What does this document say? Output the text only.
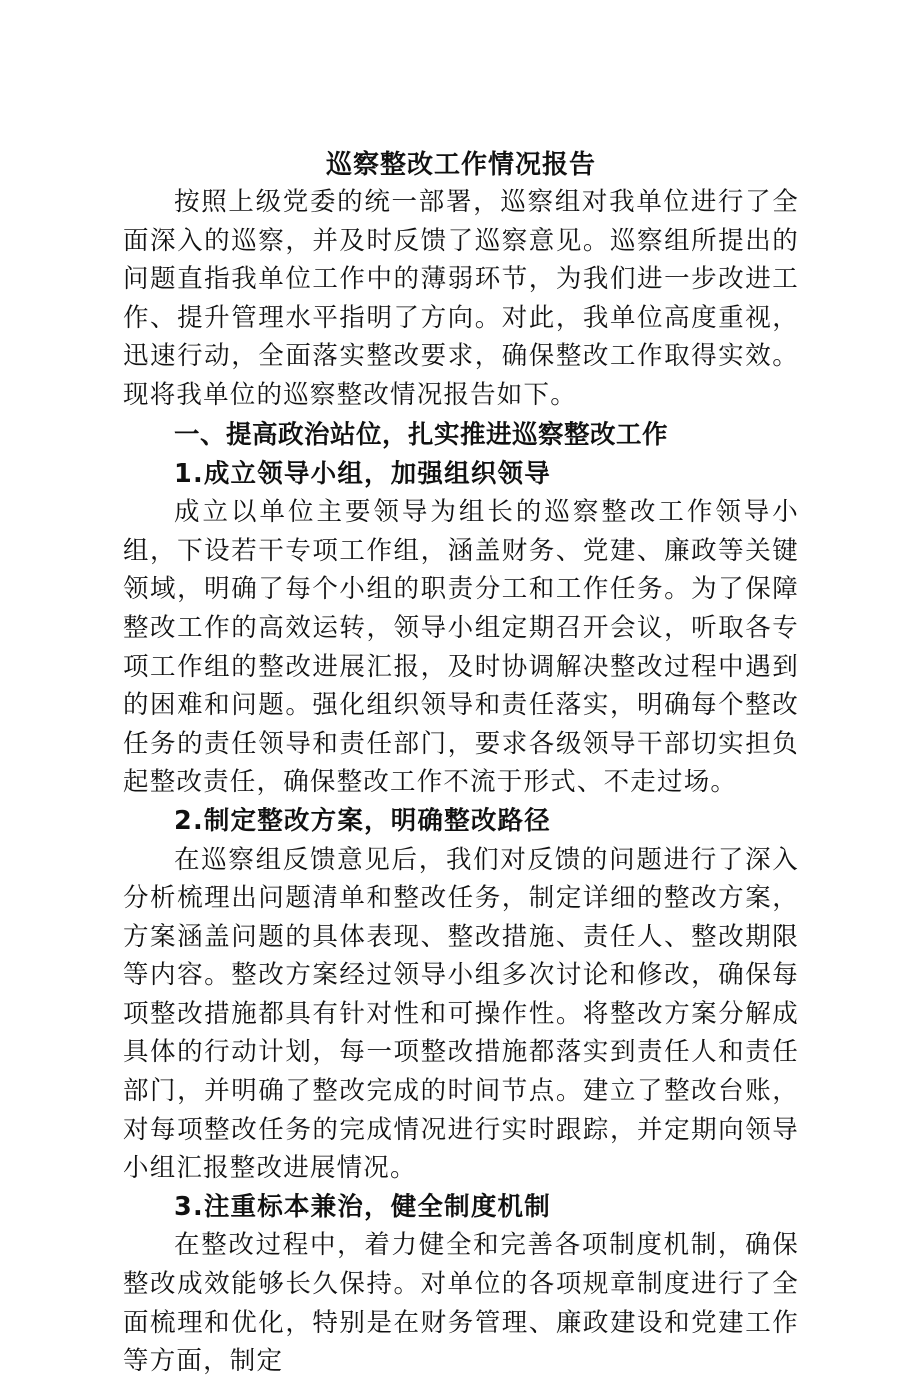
巡察整改工作情况报告

按照上级党委的统一部署，巡察组对我单位进行了全面深入的巡察，并及时反馈了巡察意见。巡察组所提出的问题直指我单位工作中的薄弱环节，为我们进一步改进工作、提升管理水平指明了方向。对此，我单位高度重视，迅速行动，全面落实整改要求，确保整改工作取得实效。现将我单位的巡察整改情况报告如下。

一、提高政治站位，扎实推进巡察整改工作
1.成立领导小组，加强组织领导

成立以单位主要领导为组长的巡察整改工作领导小组，下设若干专项工作组，涵盖财务、党建、廉政等关键领域，明确了每个小组的职责分工和工作任务。为了保障整改工作的高效运转，领导小组定期召开会议，听取各专项工作组的整改进展汇报，及时协调解决整改过程中遇到的困难和问题。强化组织领导和责任落实，明确每个整改任务的责任领导和责任部门，要求各级领导干部切实担负起整改责任，确保整改工作不流于形式、不走过场。

2.制定整改方案，明确整改路径

在巡察组反馈意见后，我们对反馈的问题进行了深入分析梳理出问题清单和整改任务，制定详细的整改方案，方案涵盖问题的具体表现、整改措施、责任人、整改期限等内容。整改方案经过领导小组多次讨论和修改，确保每项整改措施都具有针对性和可操作性。将整改方案分解成具体的行动计划，每一项整改措施都落实到责任人和责任部门，并明确了整改完成的时间节点。建立了整改台账，对每项整改任务的完成情况进行实时跟踪，并定期向领导小组汇报整改进展情况。

3.注重标本兼治，健全制度机制

在整改过程中，着力健全和完善各项制度机制，确保整改成效能够长久保持。对单位的各项规章制度进行了全面梳理和优化，特别是在财务管理、廉政建设和党建工作等方面，制定
